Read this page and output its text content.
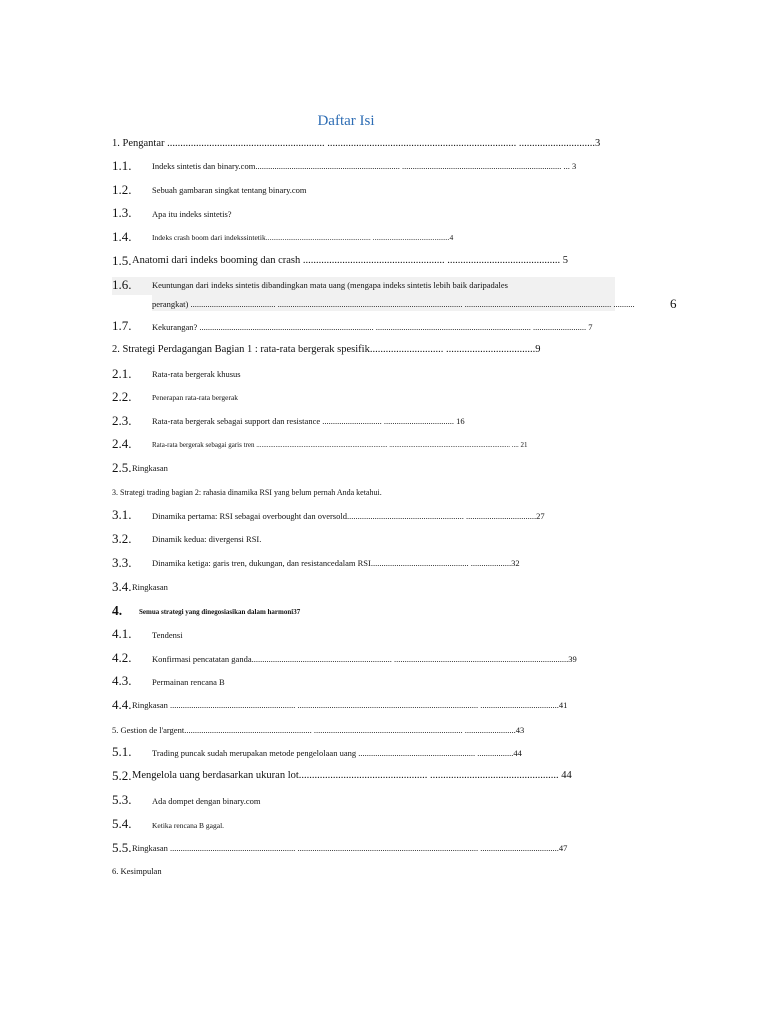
Daftar Isi
1. Pengantar ............................................................ ........................................................................ .............................3
1.1. Indeks sintetis dan binary.com.................................................................... ........................................................................... ... 3
1.2. Sebuah gambaran singkat tentang binary.com
1.3. Apa itu indeks sintetis?
1.4.	Indeks crash boom dari indekssintetik........................................................ .........................................4
1.5. Anatomi dari indeks booming dan crash ...................................................... ........................................... 5
1.6. Keuntungan dari indeks sintetis dibandingkan mata uang (mengapa indeks sintetis lebih baik daripadales
perangkat) ........................................ ....................................................................................... ..................................................................... ..........	6
1.7. Kekurangan? .................................................................................. ......................................................................... ......................... 7
2. Strategi Perdagangan Bagian 1 : rata-rata bergerak spesifik............................ ..................................9
2.1. Rata-rata bergerak khusus
2.2.	Penerapan rata-rata bergerak
2.3. Rata-rata bergerak sebagai support dan resistance ............................ ................................. 16
2.4.	Rata-rata bergerak sebagai garis tren ........................................................................... ..................................................................... .... 21
2.5. Ringkasan
3. Strategi trading bagian 2: rahasia dinamika RSI yang belum pernah Anda ketahui.
3.1. Dinamika pertama: RSI sebagai overbought dan oversold....................................................... .................................27
3.2. Dinamik kedua: divergensi RSI.
3.3. Dinamika ketiga: garis tren, dukungan, dan resistancedalam RSI.............................................. ...................32
3.4. Ringkasan
4. Semua strategi yang dinegosiasikan dalam harmoni37
4.1. Tendensi
4.2. Konfirmasi pencatatan ganda.................................................................. ..................................................................................39
4.3. Permainan rencana B
4.4. Ringkasan ........................................................... ..................................................................................... .....................................41
5. Gestion de l'argent............................................................ ...................................................................... ........................43
5.1. Trading puncak sudah merupakan metode pengelolaan uang ....................................................... .................44
5.2. Mengelola uang berdasarkan ukuran lot................................................. ................................................. 44
5.3. Ada dompet dengan binary.com
5.4.	Ketika rencana B gagal.
5.5. Ringkasan ........................................................... ..................................................................................... .....................................47
6. Kesimpulan
